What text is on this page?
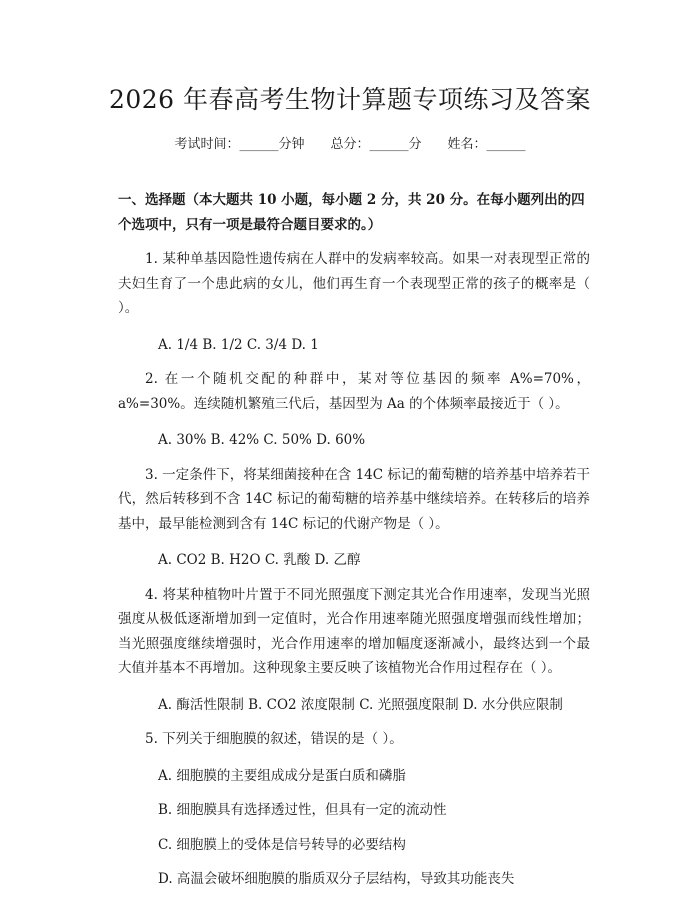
2026 年春高考生物计算题专项练习及答案
考试时间：______分钟 总分：______分 姓名：______
一、选择题（本大题共 10 小题，每小题 2 分，共 20 分。在每小题列出的四个选项中，只有一项是最符合题目要求的。）
1. 某种单基因隐性遗传病在人群中的发病率较高。如果一对表现型正常的夫妇生育了一个患此病的女儿，他们再生育一个表现型正常的孩子的概率是（ ）。
A. 1/4 B. 1/2 C. 3/4 D. 1
2. 在一个随机交配的种群中，某对等位基因的频率 A%=70%，a%=30%。连续随机繁殖三代后，基因型为 Aa 的个体频率最接近于（ ）。
A. 30% B. 42% C. 50% D. 60%
3. 一定条件下，将某细菌接种在含 14C 标记的葡萄糖的培养基中培养若干代，然后转移到不含 14C 标记的葡萄糖的培养基中继续培养。在转移后的培养基中，最早能检测到含有 14C 标记的代谢产物是（ ）。
A. CO2 B. H2O C. 乳酸 D. 乙醇
4. 将某种植物叶片置于不同光照强度下测定其光合作用速率，发现当光照强度从极低逐渐增加到一定值时，光合作用速率随光照强度增强而线性增加；当光照强度继续增强时，光合作用速率的增加幅度逐渐减小，最终达到一个最大值并基本不再增加。这种现象主要反映了该植物光合作用过程存在（ ）。
A. 酶活性限制 B. CO2 浓度限制 C. 光照强度限制 D. 水分供应限制
5. 下列关于细胞膜的叙述，错误的是（ ）。
A. 细胞膜的主要组成成分是蛋白质和磷脂
B. 细胞膜具有选择透过性，但具有一定的流动性
C. 细胞膜上的受体是信号转导的必要结构
D. 高温会破坏细胞膜的脂质双分子层结构，导致其功能丧失
